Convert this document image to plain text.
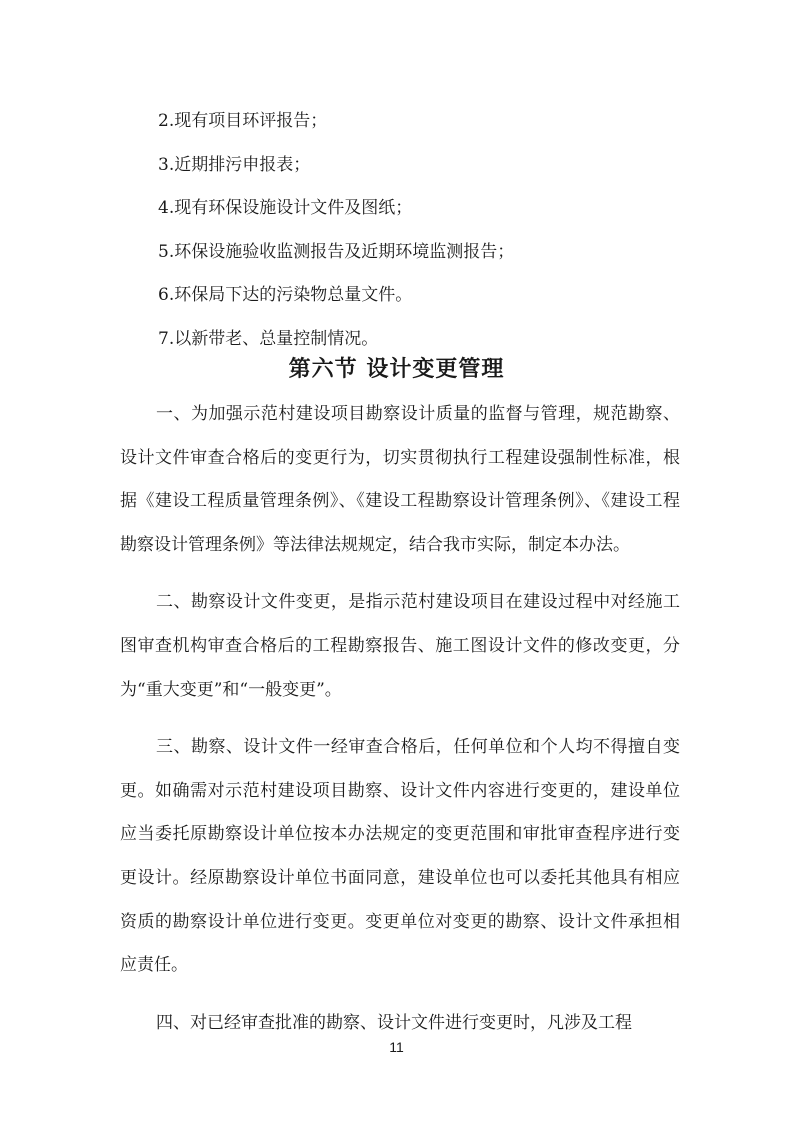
2.现有项目环评报告；
3.近期排污申报表；
4.现有环保设施设计文件及图纸；
5.环保设施验收监测报告及近期环境监测报告；
6.环保局下达的污染物总量文件。
7.以新带老、总量控制情况。
第六节 设计变更管理

一、为加强示范村建设项目勘察设计质量的监督与管理，规范勘察、设计文件审查合格后的变更行为，切实贯彻执行工程建设强制性标准，根据《建设工程质量管理条例》、《建设工程勘察设计管理条例》、《建设工程勘察设计管理条例》等法律法规规定，结合我市实际，制定本办法。

二、勘察设计文件变更，是指示范村建设项目在建设过程中对经施工图审查机构审查合格后的工程勘察报告、施工图设计文件的修改变更，分为“重大变更”和“一般变更”。

三、勘察、设计文件一经审查合格后，任何单位和个人均不得擅自变更。如确需对示范村建设项目勘察、设计文件内容进行变更的，建设单位应当委托原勘察设计单位按本办法规定的变更范围和审批审查程序进行变更设计。经原勘察设计单位书面同意，建设单位也可以委托其他具有相应资质的勘察设计单位进行变更。变更单位对变更的勘察、设计文件承担相应责任。

四、对已经审查批准的勘察、设计文件进行变更时，凡涉及工程

11
